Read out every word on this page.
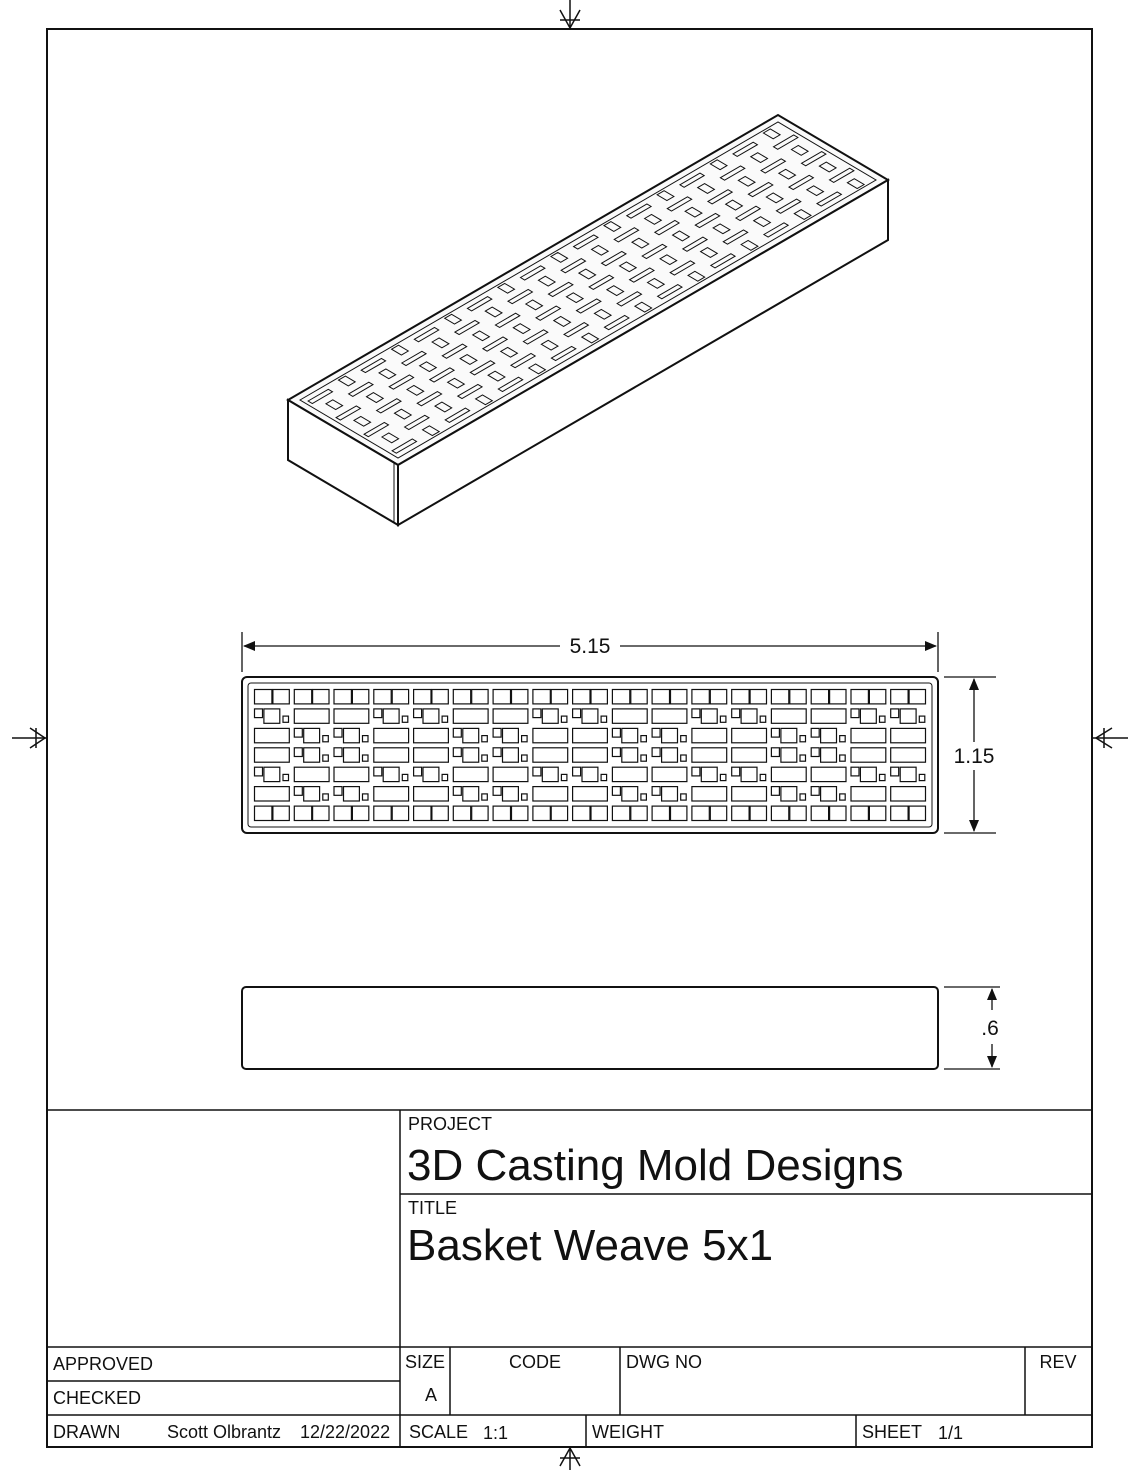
5.15
1.15
.6
PROJECT
3D Casting Mold Designs
TITLE
Basket Weave 5x1
APPROVED
CHECKED
DRAWN	Scott Olbrantz 12/22/2022
SIZE
A
CODE	DWG NO	REV
SCALE 1:1	WEIGHT	SHEET 1/1
